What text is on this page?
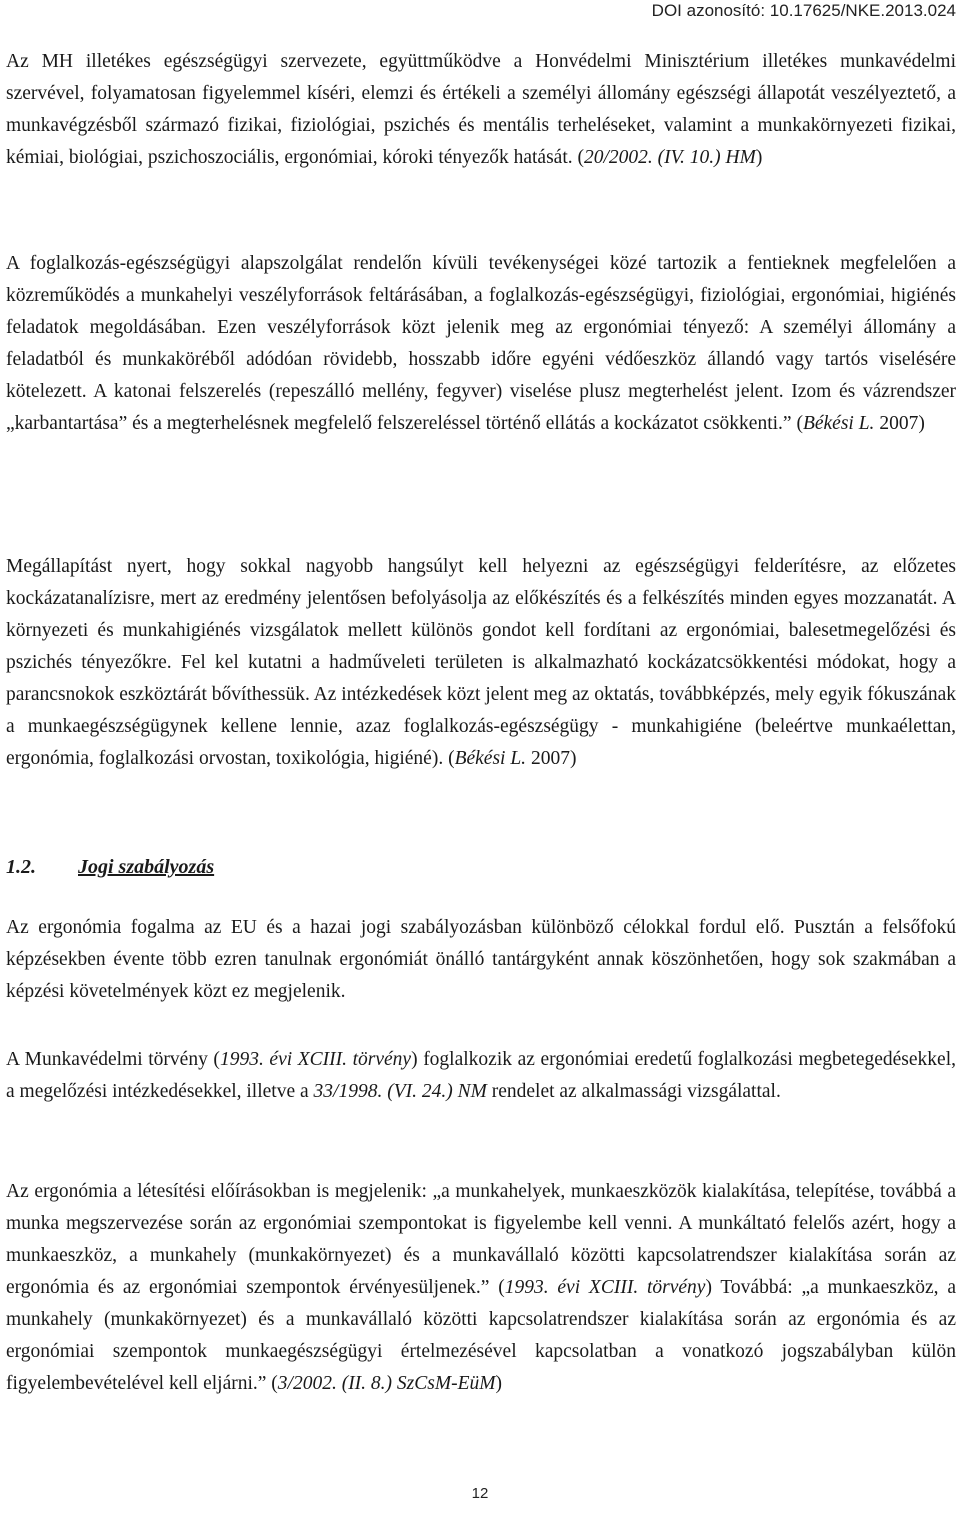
DOI azonosító: 10.17625/NKE.2013.024

Az MH illetékes egészségügyi szervezete, együttműködve a Honvédelmi Minisztérium illetékes munkavédelmi szervével, folyamatosan figyelemmel kíséri, elemzi és értékeli a személyi állomány egészségi állapotát veszélyeztető, a munkavégzésből származó fizikai, fiziológiai, pszichés és mentális terheléseket, valamint a munkakörnyezeti fizikai, kémiai, biológiai, pszichoszociális, ergonómiai, kóroki tényezők hatását. (20/2002. (IV. 10.) HM)

A foglalkozás-egészségügyi alapszolgálat rendelőn kívüli tevékenységei közé tartozik a fentieknek megfelelően a közreműködés a munkahelyi veszélyforrások feltárásában, a foglalkozás-egészségügyi, fiziológiai, ergonómiai, higiénés feladatok megoldásában. Ezen veszélyforrások közt jelenik meg az ergonómiai tényező: A személyi állomány a feladatból és munkaköréből adódóan rövidebb, hosszabb időre egyéni védőeszköz állandó vagy tartós viselésére kötelezett. A katonai felszerelés (repeszálló mellény, fegyver) viselése plusz megterhelést jelent. Izom és vázrendszer „karbantartása” és a megterhelésnek megfelelő felszereléssel történő ellátás a kockázatot csökkenti.” (Békési L. 2007)

Megállapítást nyert, hogy sokkal nagyobb hangsúlyt kell helyezni az egészségügyi felderítésre, az előzetes kockázatanalízisre, mert az eredmény jelentősen befolyásolja az előkészítés és a felkészítés minden egyes mozzanatát. A környezeti és munkahigiénés vizsgálatok mellett különös gondot kell fordítani az ergonómiai, balesetmegelőzési és pszichés tényezőkre. Fel kel kutatni a hadműveleti területen is alkalmazható kockázatcsökkentési módokat, hogy a parancsnokok eszköztárát bővíthessük. Az intézkedések közt jelent meg az oktatás, továbbképzés, mely egyik fókuszának a munkaegészségügynek kellene lennie, azaz foglalkozás-egészségügy - munkahigiéne (beleértve munkaélettan, ergonómia, foglalkozási orvostan, toxikológia, higiéné). (Békési L. 2007)

1.2. Jogi szabályozás

Az ergonómia fogalma az EU és a hazai jogi szabályozásban különböző célokkal fordul elő. Pusztán a felsőfokú képzésekben évente több ezren tanulnak ergonómiát önálló tantárgyként annak köszönhetően, hogy sok szakmában a képzési követelmények közt ez megjelenik.

A Munkavédelmi törvény (1993. évi XCIII. törvény) foglalkozik az ergonómiai eredetű foglalkozási megbetegedésekkel, a megelőzési intézkedésekkel, illetve a 33/1998. (VI. 24.) NM rendelet az alkalmassági vizsgálattal.

Az ergonómia a létesítési előírásokban is megjelenik: „a munkahelyek, munkaeszközök kialakítása, telepítése, továbbá a munka megszervezése során az ergonómiai szempontokat is figyelembe kell venni. A munkáltató felelős azért, hogy a munkaeszköz, a munkahely (munkakörnyezet) és a munkavállaló közötti kapcsolatrendszer kialakítása során az ergonómia és az ergonómiai szempontok érvényesüljenek.” (1993. évi XCIII. törvény) Továbbá: „a munkaeszköz, a munkahely (munkakörnyezet) és a munkavállaló közötti kapcsolatrendszer kialakítása során az ergonómia és az ergonómiai szempontok munkaegészségügyi értelmezésével kapcsolatban a vonatkozó jogszabályban külön figyelembevételével kell eljárni.” (3/2002. (II. 8.) SzCsM-EüM)

12
